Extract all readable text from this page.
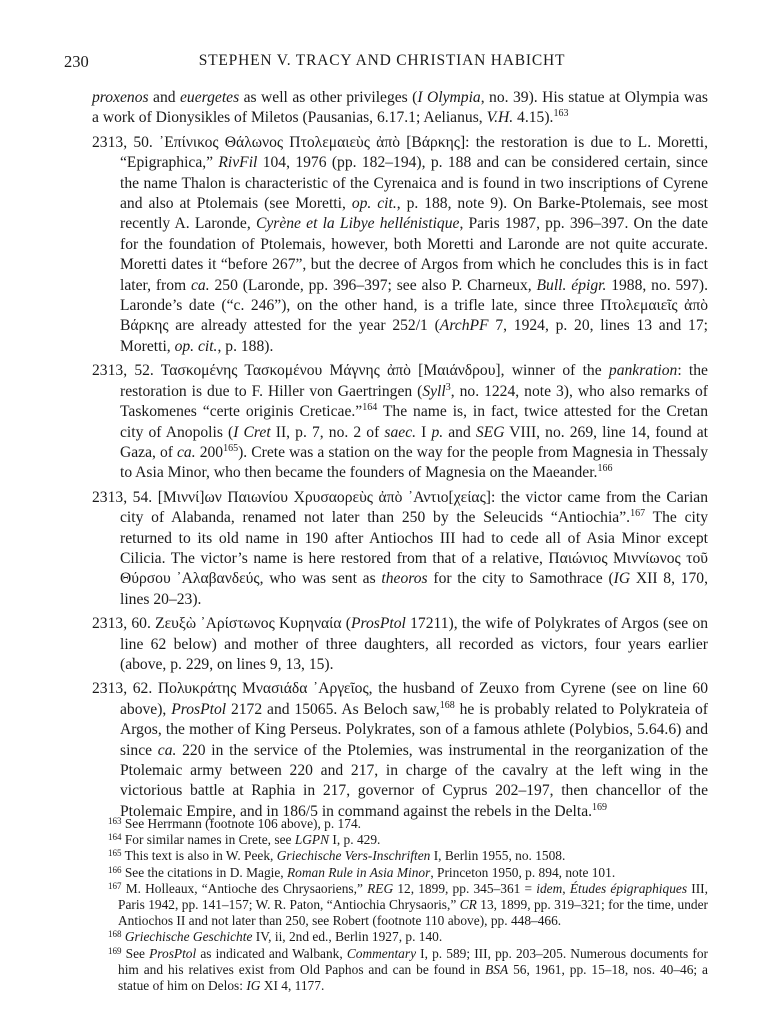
230	STEPHEN V. TRACY AND CHRISTIAN HABICHT

proxenos and euergetes as well as other privileges (I Olympia, no. 39). His statue at Olympia was a work of Dionysikles of Miletos (Pausanias, 6.17.1; Aelianus, V.H. 4.15).$^{163}$

2313, 50. ᾿Επίνικος Θάλωνος Πτολεμαιεὺς ἀπὸ [Βάρκης]: the restoration is due to L. Moretti, “Epigraphica,” RivFil 104, 1976 (pp. 182–194), p. 188 and can be considered certain, since the name Thalon is characteristic of the Cyrenaica and is found in two inscriptions of Cyrene and also at Ptolemais (see Moretti, op. cit., p. 188, note 9). On Barke-Ptolemais, see most recently A. Laronde, Cyrène et la Libye hellénistique, Paris 1987, pp. 396–397. On the date for the foundation of Ptolemais, however, both Moretti and Laronde are not quite accurate. Moretti dates it “before 267”, but the decree of Argos from which he concludes this is in fact later, from ca. 250 (Laronde, pp. 396–397; see also P. Charneux, Bull. épigr. 1988, no. 597). Laronde’s date (“c. 246”), on the other hand, is a trifle late, since three Πτολεμαιεῖς ἀπὸ Βάρκης are already attested for the year 252/1 (ArchPF 7, 1924, p. 20, lines 13 and 17; Moretti, op. cit., p. 188).

2313, 52. Τασκομένης Τασκομένου Μάγνης ἀπὸ [Μαιάνδρου], winner of the pankration: the restoration is due to F. Hiller von Gaertringen (Syll$^3$, no. 1224, note 3), who also remarks of Taskomenes “certe originis Creticae.”$^{164}$ The name is, in fact, twice attested for the Cretan city of Anopolis (I Cret II, p. 7, no. 2 of saec. I p. and SEG VIII, no. 269, line 14, found at Gaza, of ca. $200^{165}$). Crete was a station on the way for the people from Magnesia in Thessaly to Asia Minor, who then became the founders of Magnesia on the Maeander.$^{166}$

2313, 54. [Μιννί]ων Παιωνίου Χρυσαορεὺς ἀπὸ ᾿Αντιο[χείας]: the victor came from the Carian city of Alabanda, renamed not later than 250 by the Seleucids “Antiochia”.$^{167}$ The city returned to its old name in 190 after Antiochos III had to cede all of Asia Minor except Cilicia. The victor’s name is here restored from that of a relative, Παιώνιος Μιννίωνος τοῦ Θύρσου ᾿Αλαβανδεύς, who was sent as theoros for the city to Samothrace (IG XII 8, 170, lines 20–23).

2313, 60. Ζευξὼ ᾿Αρίστωνος Κυρηναία (ProsPtol 17211), the wife of Polykrates of Argos (see on line 62 below) and mother of three daughters, all recorded as victors, four years earlier (above, p. 229, on lines 9, 13, 15).

2313, 62. Πολυκράτης Μνασιάδα ᾿Αργεῖος, the husband of Zeuxo from Cyrene (see on line 60 above), ProsPtol 2172 and 15065. As Beloch saw,$^{168}$ he is probably related to Polykrateia of Argos, the mother of King Perseus. Polykrates, son of a famous athlete (Polybios, 5.64.6) and since ca. 220 in the service of the Ptolemies, was instrumental in the reorganization of the Ptolemaic army between 220 and 217, in charge of the cavalry at the left wing in the victorious battle at Raphia in 217, governor of Cyprus 202–197, then chancellor of the Ptolemaic Empire, and in 186/5 in command against the rebels in the Delta.$^{169}$

$^{163}$ See Herrmann (footnote 106 above), p. 174.

$^{164}$ For similar names in Crete, see LGPN I, p. 429.

$^{165}$ This text is also in W. Peek, Griechische Vers-Inschriften I, Berlin 1955, no. 1508.

$^{166}$ See the citations in D. Magie, Roman Rule in Asia Minor, Princeton 1950, p. 894, note 101.

$^{167}$ M. Holleaux, “Antioche des Chrysaoriens,” REG 12, 1899, pp. 345–361 = idem, Études épigraphiques III, Paris 1942, pp. 141–157; W. R. Paton, “Antiochia Chrysaoris,” CR 13, 1899, pp. 319–321; for the time, under Antiochos II and not later than 250, see Robert (footnote 110 above), pp. 448–466.

$^{168}$ Griechische Geschichte IV, ii, 2nd ed., Berlin 1927, p. 140.

$^{169}$ See ProsPtol as indicated and Walbank, Commentary I, p. 589; III, pp. 203–205. Numerous documents for him and his relatives exist from Old Paphos and can be found in BSA 56, 1961, pp. 15–18, nos. 40–46; a statue of him on Delos: IG XI 4, 1177.
